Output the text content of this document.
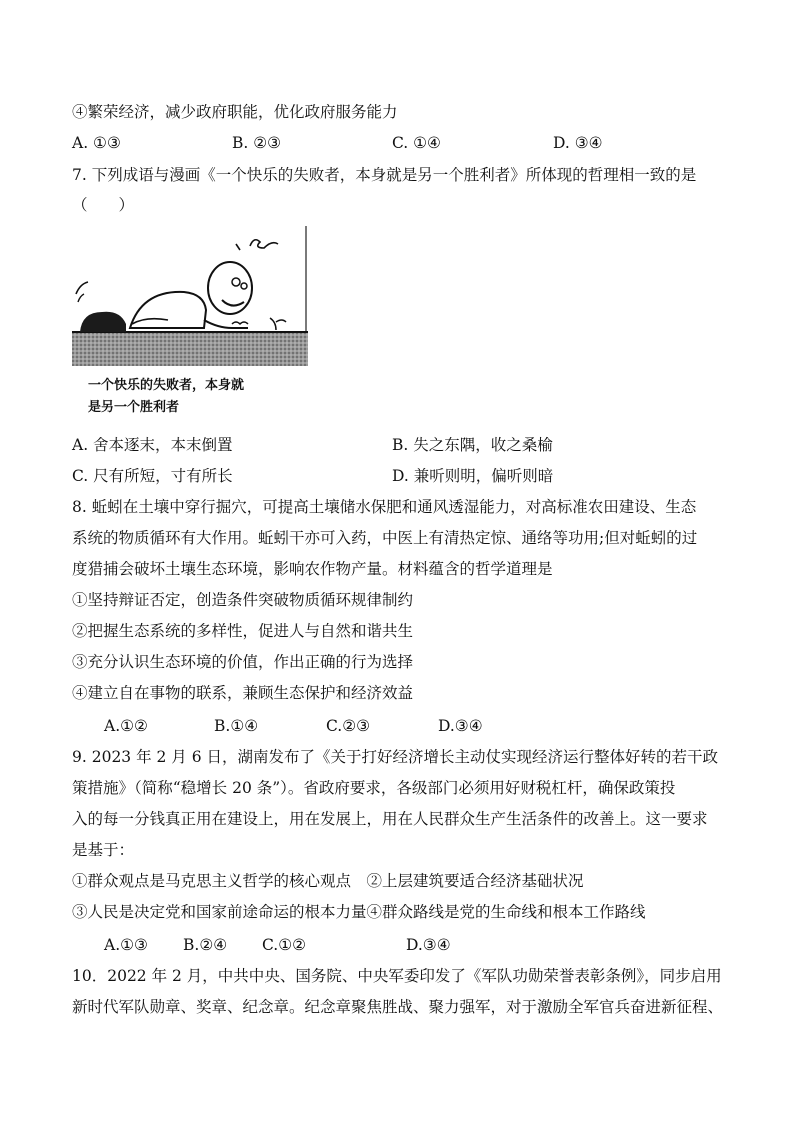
④繁荣经济，减少政府职能，优化政府服务能力
A. ①③	B. ②③	C. ①④	D. ③④
7. 下列成语与漫画《一个快乐的失败者，本身就是另一个胜利者》所体现的哲理相一致的是
（　　）
一个快乐的失败者，本身就
是另一个胜利者
A. 舍本逐末，本末倒置	B. 失之东隅，收之桑榆
C. 尺有所短，寸有所长	D. 兼听则明，偏听则暗
8. 蚯蚓在土壤中穿行掘穴，可提高土壤储水保肥和通风透湿能力，对高标准农田建设、生态
系统的物质循环有大作用。蚯蚓干亦可入药，中医上有清热定惊、通络等功用;但对蚯蚓的过
度猎捕会破坏土壤生态环境，影响农作物产量。材料蕴含的哲学道理是
①坚持辩证否定，创造条件突破物质循环规律制约
②把握生态系统的多样性，促进人与自然和谐共生
③充分认识生态环境的价值，作出正确的行为选择
④建立自在事物的联系，兼顾生态保护和经济效益
A.①②	B.①④	C.②③	D.③④
9. 2023 年 2 月 6 日，湖南发布了《关于打好经济增长主动仗实现经济运行整体好转的若干政
策措施》（简称“稳增长 20 条”）。省政府要求，各级部门必须用好财税杠杆，确保政策投
入的每一分钱真正用在建设上，用在发展上，用在人民群众生产生活条件的改善上。这一要求
是基于：
①群众观点是马克思主义哲学的核心观点　②上层建筑要适合经济基础状况
③人民是决定党和国家前途命运的根本力量④群众路线是党的生命线和根本工作路线
A.①③ B.②④ C.①②	D.③④
10．2022 年 2 月，中共中央、国务院、中央军委印发了《军队功勋荣誉表彰条例》，同步启用
新时代军队勋章、奖章、纪念章。纪念章聚焦胜战、聚力强军，对于激励全军官兵奋进新征程、
